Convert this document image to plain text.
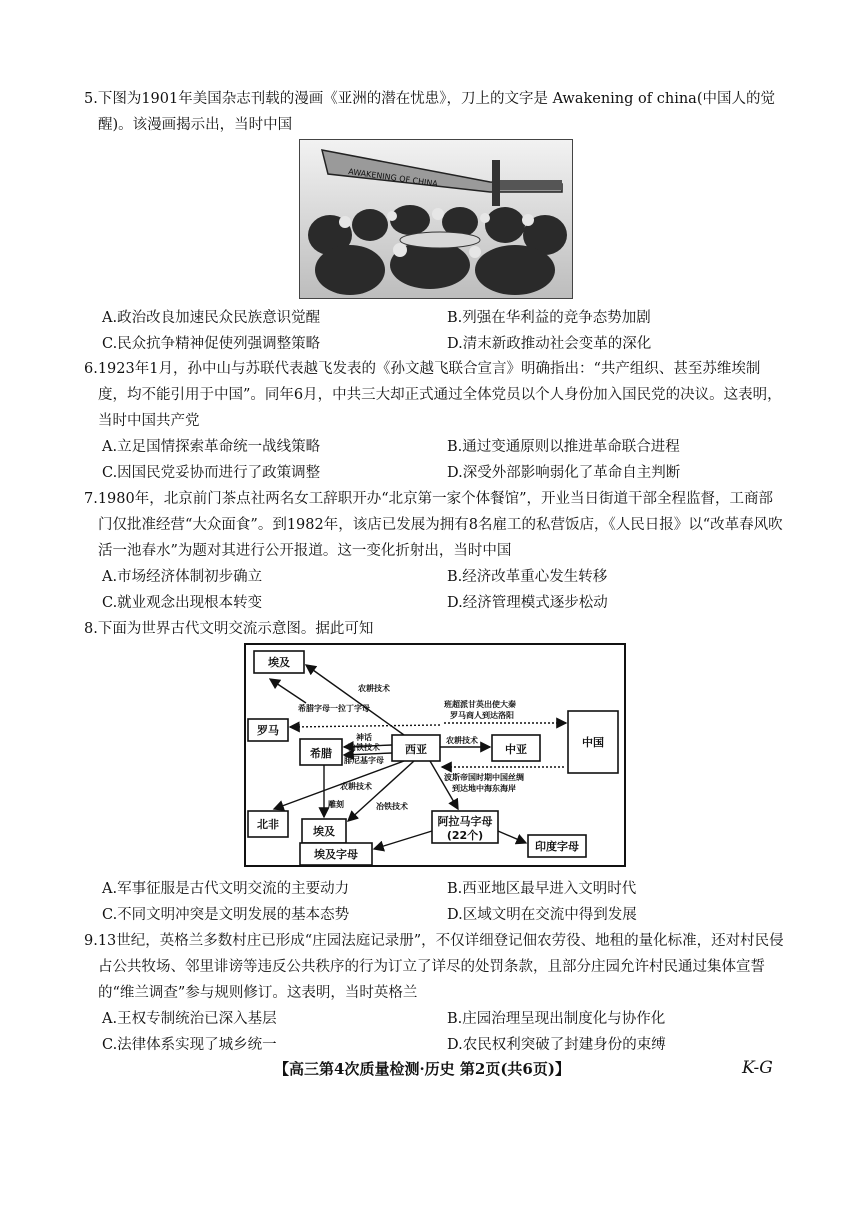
5.下图为1901年美国杂志刊载的漫画《亚洲的潜在忧患》，刀上的文字是 Awakening of china(中国人的觉醒)。该漫画揭示出，当时中国

AWAKENING OF CHINA
A.政治改良加速民众民族意识觉醒	B.列强在华利益的竞争态势加剧
C.民众抗争精神促使列强调整策略	D.清末新政推动社会变革的深化

6.1923年1月，孙中山与苏联代表越飞发表的《孙文越飞联合宣言》明确指出：“共产组织、甚至苏维埃制度，均不能引用于中国”。同年6月，中共三大却正式通过全体党员以个人身份加入国民党的决议。这表明，当时中国共产党

A.立足国情探索革命统一战线策略	B.通过变通原则以推进革命联合进程
C.因国民党妥协而进行了政策调整	D.深受外部影响弱化了革命自主判断

7.1980年，北京前门茶点社两名女工辞职开办“北京第一家个体餐馆”，开业当日街道干部全程监督，工商部门仅批准经营“大众面食”。到1982年，该店已发展为拥有8名雇工的私营饭店，《人民日报》以“改革春风吹活一池春水”为题对其进行公开报道。这一变化折射出，当时中国

A.市场经济体制初步确立	B.经济改革重心发生转移
C.就业观念出现根本转变	D.经济管理模式逐步松动

8.下面为世界古代文明交流示意图。据此可知

埃及
罗马
希腊	西亚	中亚
中国
北非
埃及
埃及字母
阿拉马字母
(22个)
印度字母
农耕技术
希腊字母一拉丁字母	班超派甘英出使大秦
罗马商人到达洛阳
神话
冶铁技术
腓尼基字母
农耕技术
波斯帝国时期中国丝绸
到达地中海东海岸
农耕技术
雕刻	冶铁技术
A.军事征服是古代文明交流的主要动力	B.西亚地区最早进入文明时代
C.不同文明冲突是文明发展的基本态势	D.区域文明在交流中得到发展

9.13世纪，英格兰多数村庄已形成“庄园法庭记录册”，不仅详细登记佃农劳役、地租的量化标准，还对村民侵占公共牧场、邻里诽谤等违反公共秩序的行为订立了详尽的处罚条款，且部分庄园允许村民通过集体宣誓的“维兰调查”参与规则修订。这表明，当时英格兰

A.王权专制统治已深入基层	B.庄园治理呈现出制度化与协作化
C.法律体系实现了城乡统一	D.农民权利突破了封建身份的束缚
【高三第4次质量检测·历史 第2页(共6页)】	K-G
